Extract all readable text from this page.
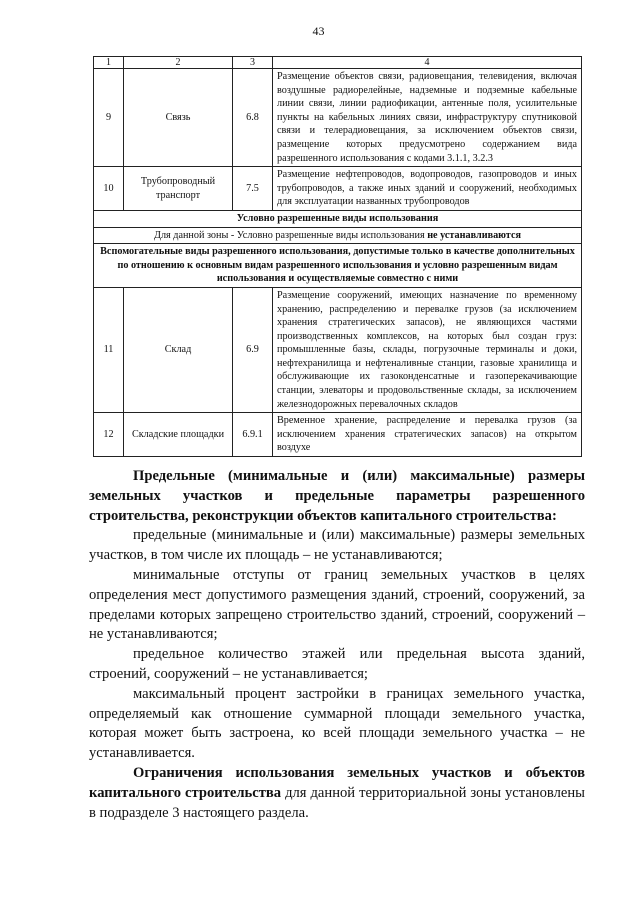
43
1	2	3	4
9	Связь	6.8	Размещение объектов связи, радиовещания, телевидения, включая воздушные радиорелейные, надземные и подземные кабельные линии связи, линии радиофикации, антенные поля, усилительные пункты на кабельных линиях связи, инфраструктуру спутниковой связи и телерадиовещания, за исключением объектов связи, размещение которых предусмотрено содержанием вида разрешенного использования с кодами 3.1.1, 3.2.3
10	Трубопроводный транспорт	7.5	Размещение нефтепроводов, водопроводов, газопроводов и иных трубопроводов, а также иных зданий и сооружений, необходимых для эксплуатации названных трубопроводов
Условно разрешенные виды использования			
Для данной зоны - Условно разрешенные виды использования не устанавливаются			
Вспомогательные виды разрешенного использования, допустимые только в качестве дополнительных по отношению к основным видам разрешенного использования и условно разрешенным видам использования и осуществляемые совместно с ними			
11	Склад	6.9	Размещение сооружений, имеющих назначение по временному хранению, распределению и перевалке грузов (за исключением хранения стратегических запасов), не являющихся частями производственных комплексов, на которых был создан груз: промышленные базы, склады, погрузочные терминалы и доки, нефтехранилища и нефтеналивные станции, газовые хранилища и обслуживающие их газоконденсатные и газоперекачивающие станции, элеваторы и продовольственные склады, за исключением железнодорожных перевалочных складов
12	Складские площадки	6.9.1	Временное хранение, распределение и перевалка грузов (за исключением хранения стратегических запасов) на открытом воздухе

Предельные (минимальные и (или) максимальные) размеры земельных участков и предельные параметры разрешенного строительства, реконструкции объектов капитального строительства:

предельные (минимальные и (или) максимальные) размеры земельных участков, в том числе их площадь – не устанавливаются;

минимальные отступы от границ земельных участков в целях определения мест допустимого размещения зданий, строений, сооружений, за пределами которых запрещено строительство зданий, строений, сооружений – не устанавливаются;

предельное количество этажей или предельная высота зданий, строений, сооружений – не устанавливается;

максимальный процент застройки в границах земельного участка, определяемый как отношение суммарной площади земельного участка, которая может быть застроена, ко всей площади земельного участка – не устанавливается.

Ограничения использования земельных участков и объектов капитального строительства для данной территориальной зоны установлены в подразделе 3 настоящего раздела.
